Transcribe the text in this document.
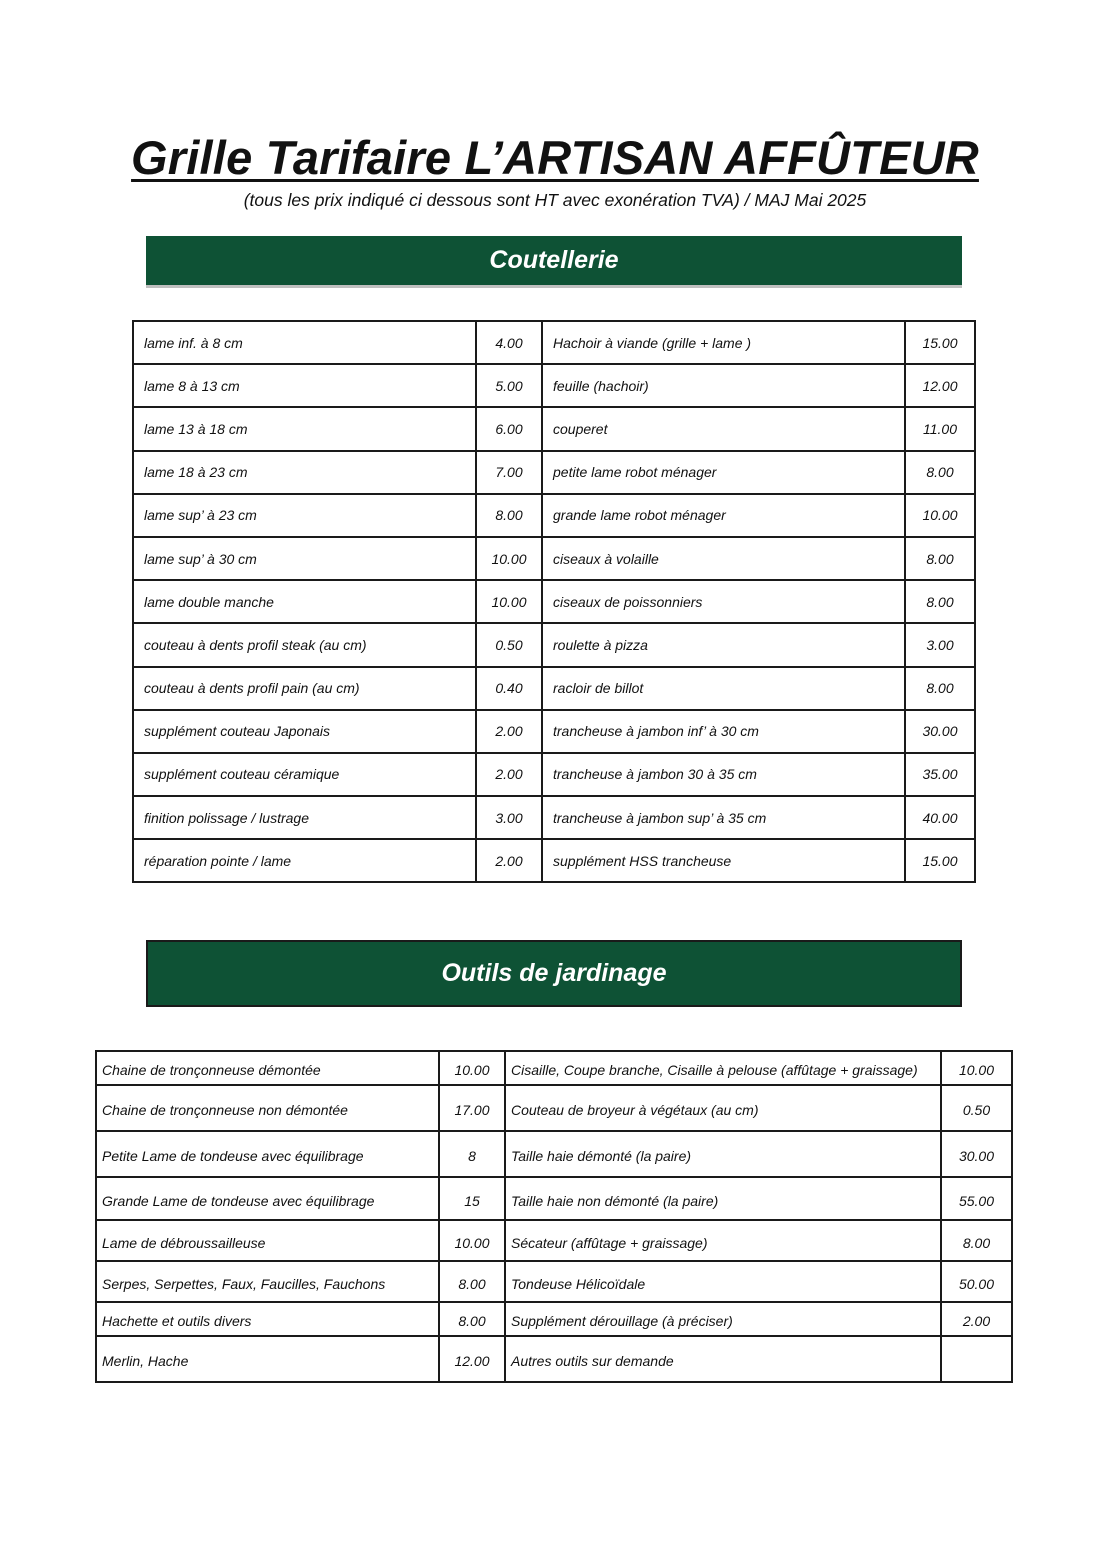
Grille Tarifaire L’ARTISAN AFFÛTEUR
(tous les prix indiqué ci dessous sont HT avec exonération TVA) / MAJ Mai 2025
Coutellerie
lame inf. à 8 cm	4.00	Hachoir à viande (grille + lame )	15.00
lame 8 à 13 cm	5.00	feuille (hachoir)	12.00
lame 13 à 18 cm	6.00	couperet	11.00
lame 18 à 23 cm	7.00	petite lame robot ménager	8.00
lame sup’ à 23 cm	8.00	grande lame robot ménager	10.00
lame sup’ à 30 cm	10.00	ciseaux à volaille	8.00
lame double manche	10.00	ciseaux de poissonniers	8.00
couteau à dents profil steak (au cm)	0.50	roulette à pizza	3.00
couteau à dents profil pain (au cm)	0.40	racloir de billot	8.00
supplément couteau Japonais	2.00	trancheuse à jambon inf’ à 30 cm	30.00
supplément couteau céramique	2.00	trancheuse à jambon 30 à 35 cm	35.00
finition polissage / lustrage	3.00	trancheuse à jambon sup’ à 35 cm	40.00
réparation pointe / lame	2.00	supplément HSS trancheuse	15.00
Outils de jardinage
Chaine de tronçonneuse démontée	10.00	Cisaille, Coupe branche, Cisaille à pelouse (affûtage + graissage)	10.00
Chaine de tronçonneuse non démontée	17.00	Couteau de broyeur à végétaux (au cm)	0.50
Petite Lame de tondeuse avec équilibrage	8	Taille haie démonté (la paire)	30.00
Grande Lame de tondeuse avec équilibrage	15	Taille haie non démonté (la paire)	55.00
Lame de débroussailleuse	10.00	Sécateur (affûtage + graissage)	8.00
Serpes, Serpettes, Faux, Faucilles, Fauchons	8.00	Tondeuse Hélicoïdale	50.00
Hachette et outils divers	8.00	Supplément dérouillage (à préciser)	2.00
Merlin, Hache	12.00	Autres outils sur demande	
